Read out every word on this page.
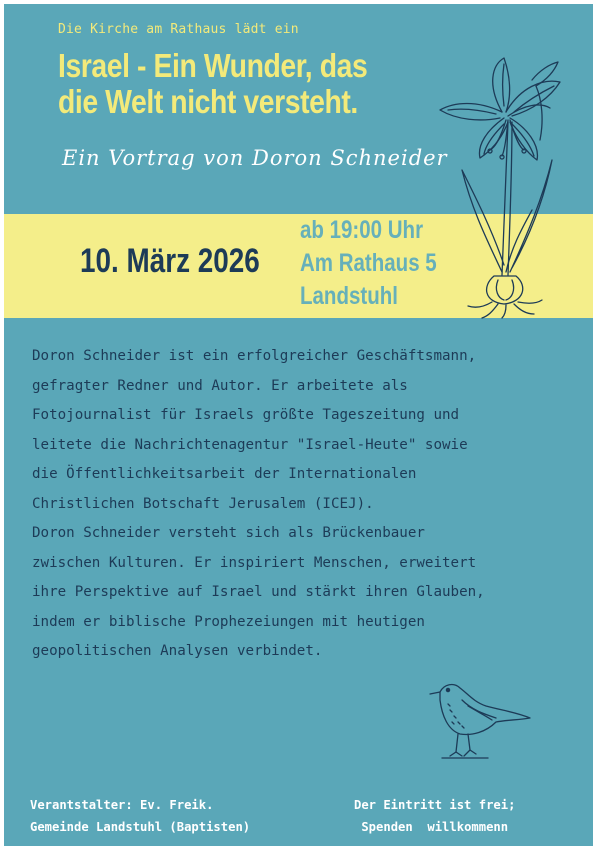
Die Kirche am Rathaus lädt ein
Israel - Ein Wunder, das
die Welt nicht versteht.
Ein Vortrag von Doron Schneider
10. März 2026
ab 19:00 Uhr
Am Rathaus 5
Landstuhl
Doron Schneider ist ein erfolgreicher Geschäftsmann,
gefragter Redner und Autor. Er arbeitete als
Fotojournalist für Israels größte Tageszeitung und
leitete die Nachrichtenagentur "Israel-Heute" sowie
die Öffentlichkeitsarbeit der Internationalen
Christlichen Botschaft Jerusalem (ICEJ).
Doron Schneider versteht sich als Brückenbauer
zwischen Kulturen. Er inspiriert Menschen, erweitert
ihre Perspektive auf Israel und stärkt ihren Glauben,
indem er biblische Prophezeiungen mit heutigen
geopolitischen Analysen verbindet.
Verantstalter: Ev. Freik.
Gemeinde Landstuhl (Baptisten)
Der Eintritt ist frei;
Spenden  willkommenn
